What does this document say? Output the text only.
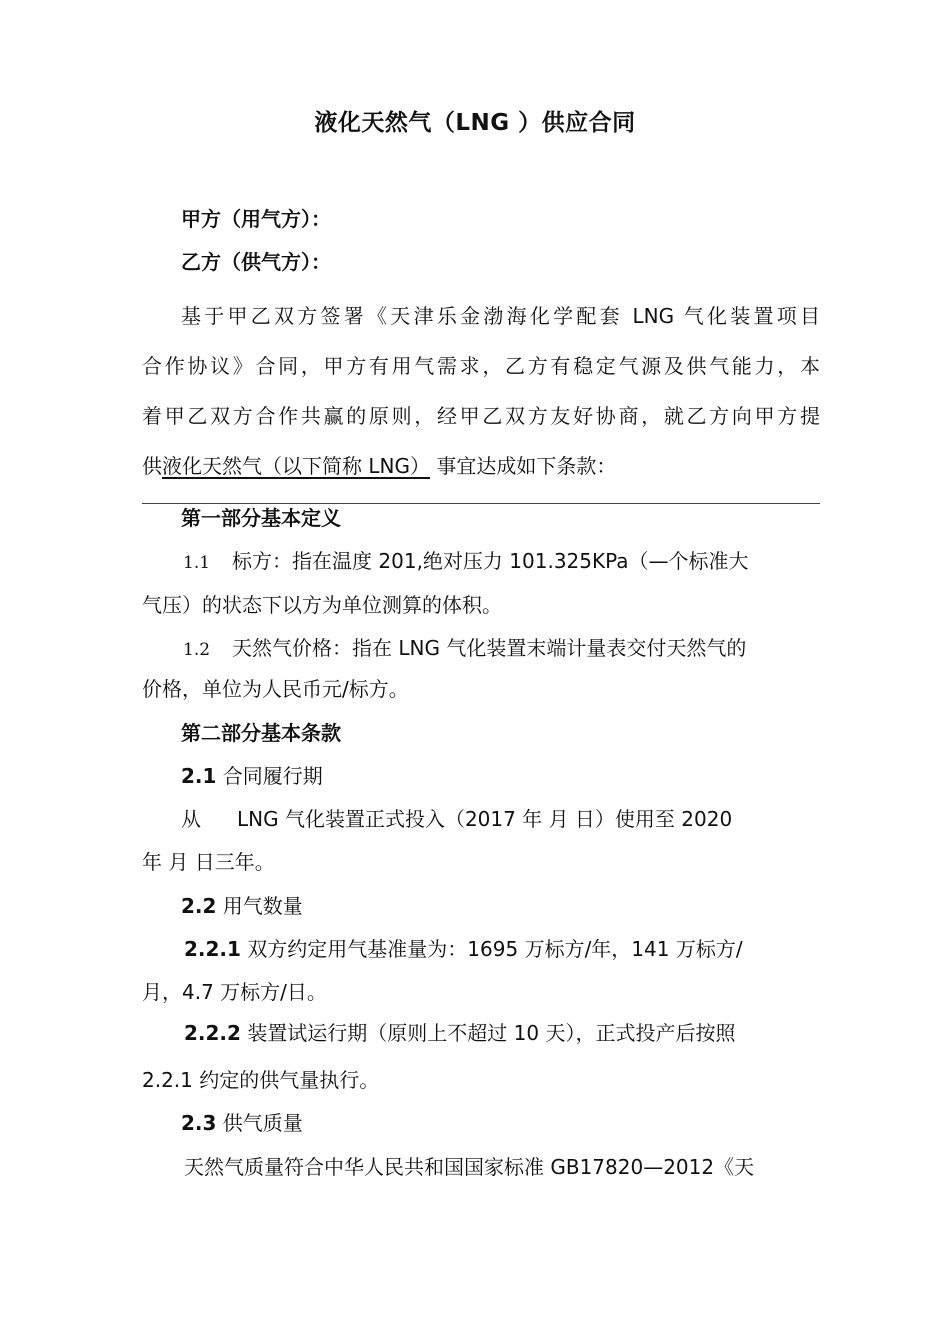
液化天然气（LNG ）供应合同
甲方（用气方）：
乙方（供气方）：
基于甲乙双方签署《天津乐金渤海化学配套 LNG 气化装置项目
合作协议》合同，甲方有用气需求，乙方有稳定气源及供气能力，本
着甲乙双方合作共赢的原则，经甲乙双方友好协商，就乙方向甲方提
供液化天然气（以下简称 LNG） 事宜达成如下条款：
第一部分基本定义
1.1 标方：指在温度 201,绝对压力 101.325KPa（—个标准大
气压）的状态下以方为单位测算的体积。
1.2 天然气价格：指在 LNG 气化装置末端计量表交付天然气的
价格，单位为人民币元/标方。
第二部分基本条款
2.1 合同履行期
从 LNG 气化装置正式投入（2017 年 月 日）使用至 2020
年 月 日三年。
2.2 用气数量
2.2.1 双方约定用气基准量为：1695 万标方/年，141 万标方/
月，4.7 万标方/日。
2.2.2 装置试运行期（原则上不超过 10 天），正式投产后按照
2.2.1 约定的供气量执行。
2.3 供气质量
天然气质量符合中华人民共和国国家标准 GB17820—2012《天
